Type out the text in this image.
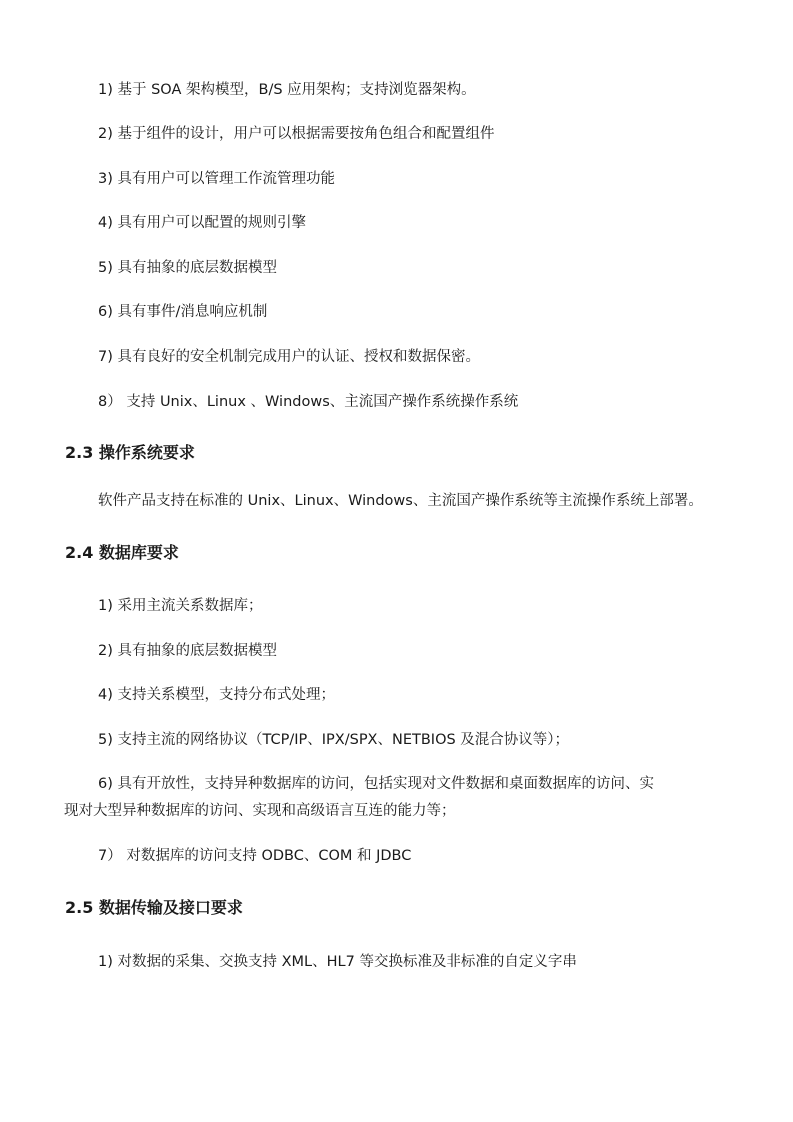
1) 基于 SOA 架构模型，B/S 应用架构；支持浏览器架构。
2) 基于组件的设计，用户可以根据需要按角色组合和配置组件
3) 具有用户可以管理工作流管理功能
4) 具有用户可以配置的规则引擎
5) 具有抽象的底层数据模型
6) 具有事件/消息响应机制
7) 具有良好的安全机制完成用户的认证、授权和数据保密。
8） 支持 Unix、Linux 、Windows、主流国产操作系统操作系统
2.3 操作系统要求
软件产品支持在标准的 Unix、Linux、Windows、主流国产操作系统等主流操作系统上部署。
2.4 数据库要求
1) 采用主流关系数据库；
2) 具有抽象的底层数据模型
4) 支持关系模型，支持分布式处理；
5) 支持主流的网络协议（TCP/IP、IPX/SPX、NETBIOS 及混合协议等）；
6) 具有开放性，支持异种数据库的访问，包括实现对文件数据和桌面数据库的访问、实
现对大型异种数据库的访问、实现和高级语言互连的能力等；
7） 对数据库的访问支持 ODBC、COM 和 JDBC
2.5 数据传输及接口要求
1) 对数据的采集、交换支持 XML、HL7 等交换标准及非标准的自定义字串
